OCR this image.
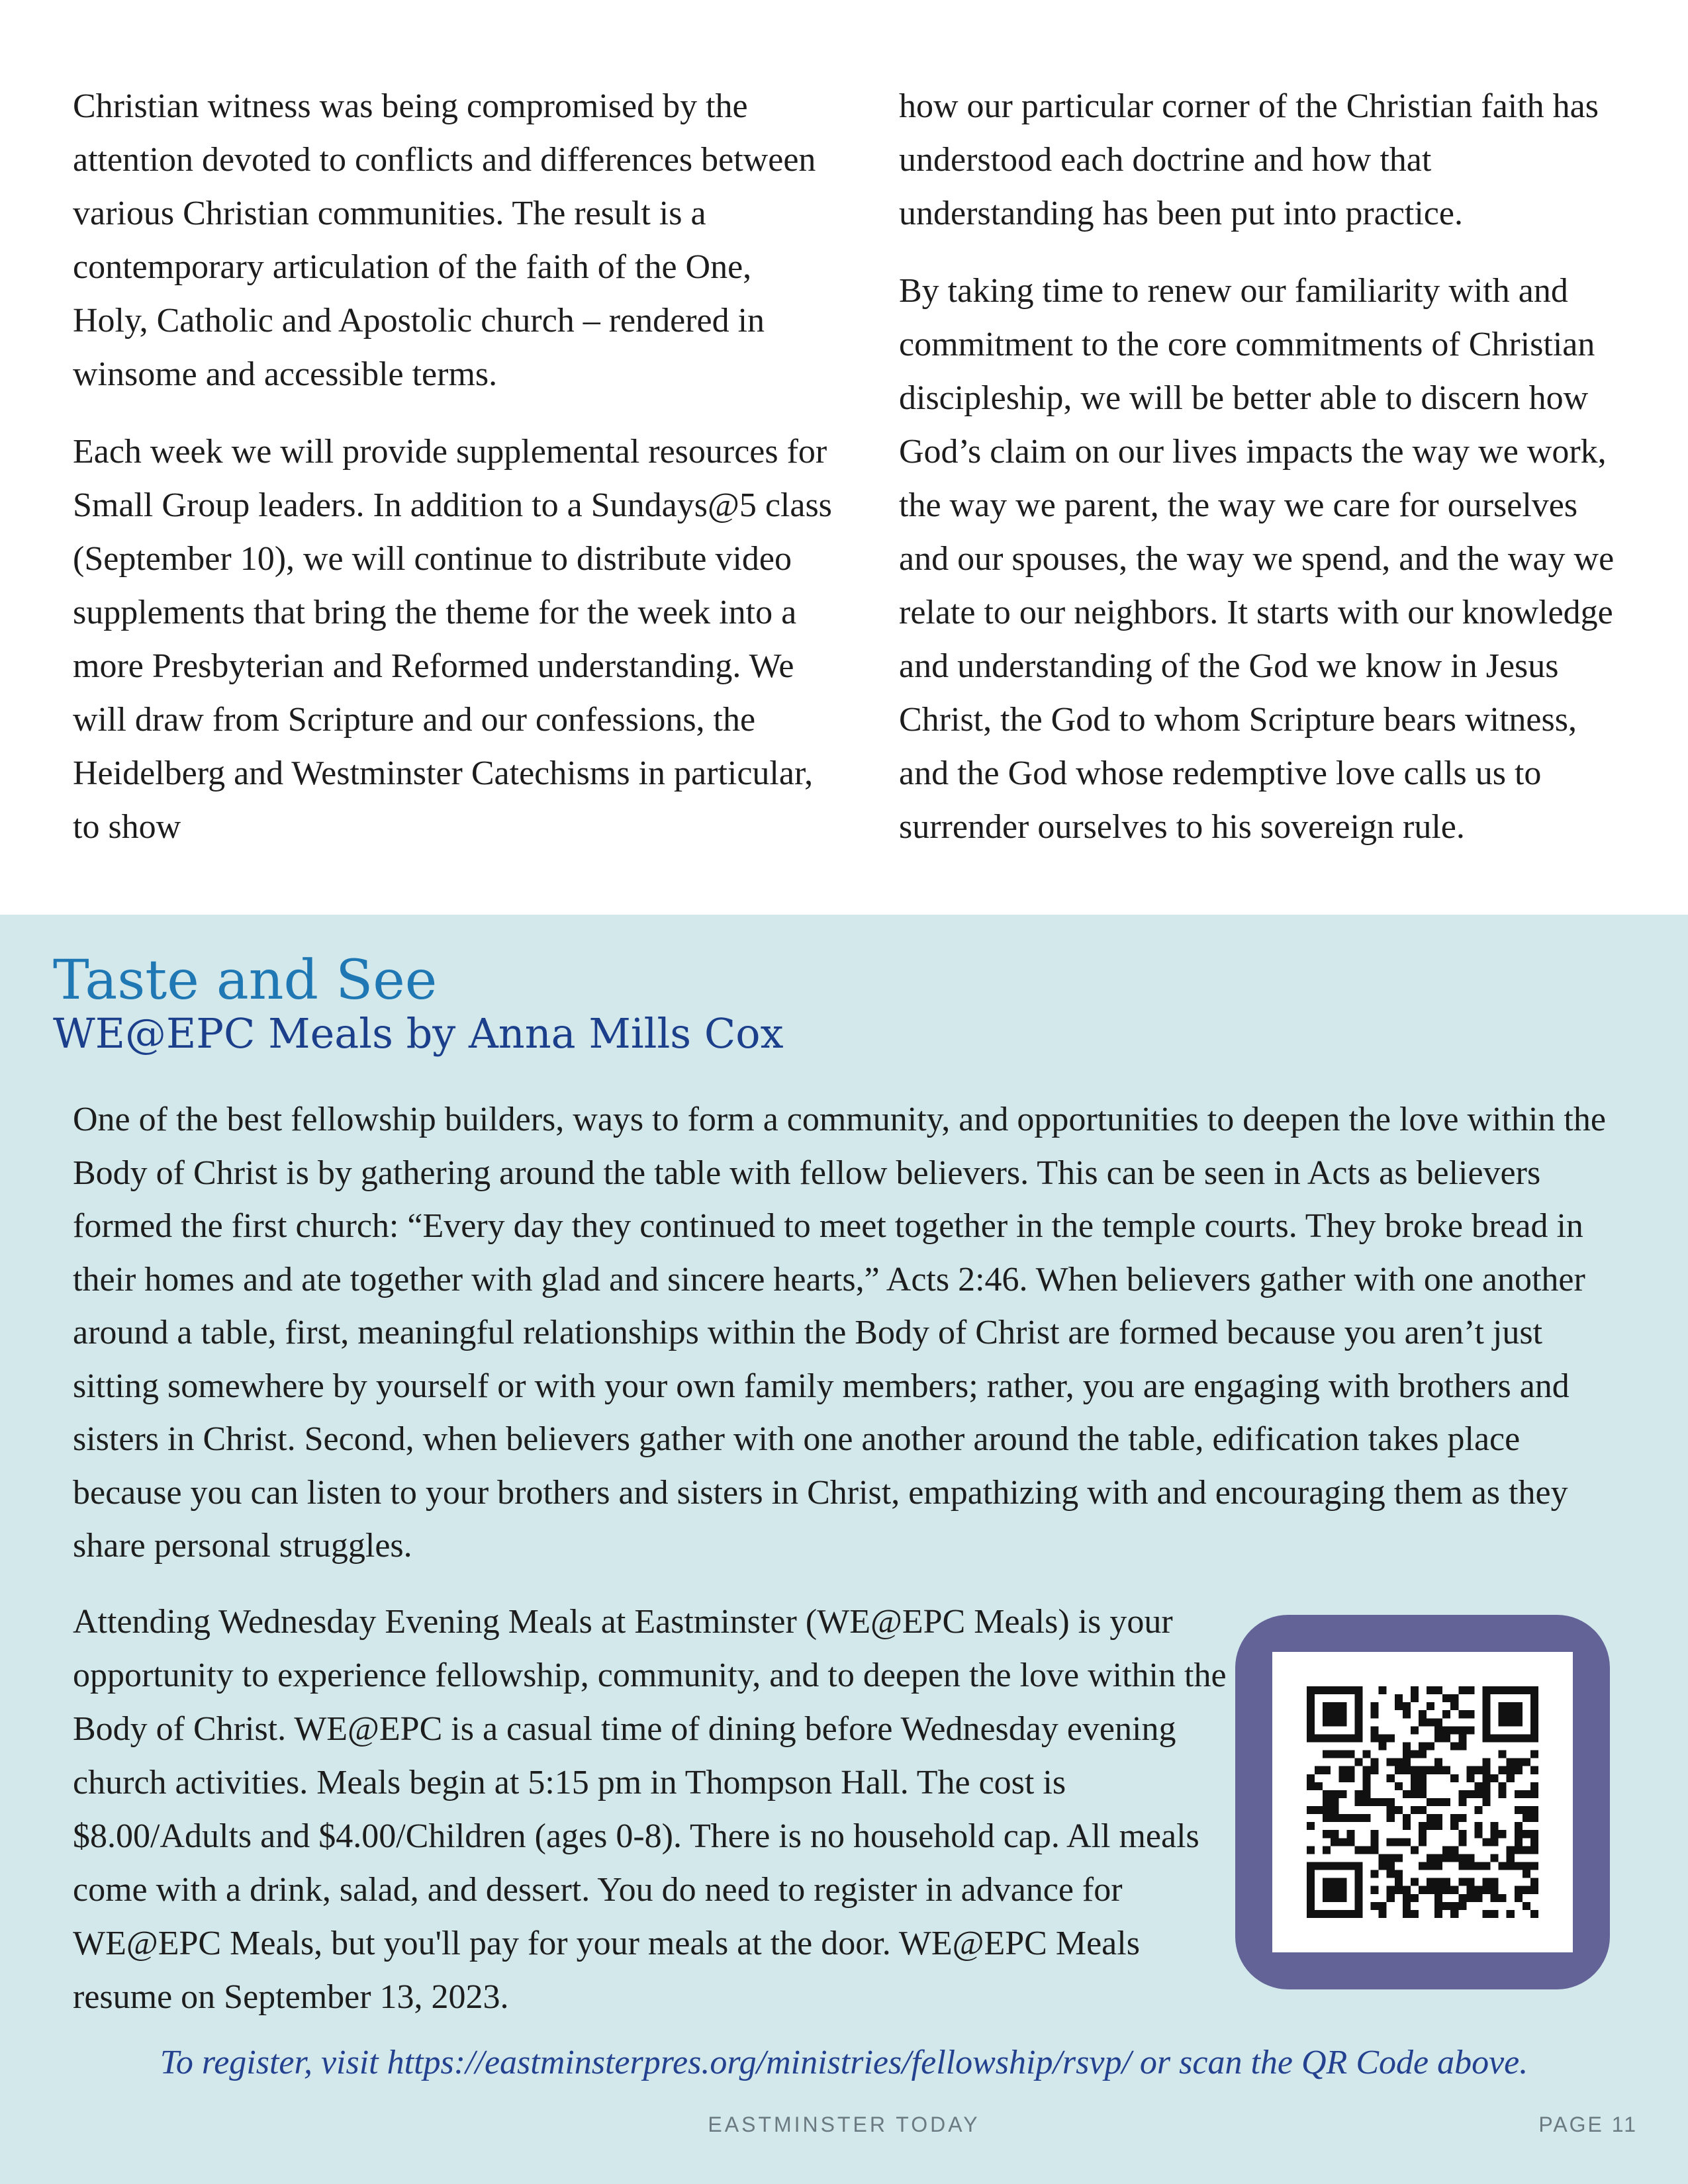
Christian witness was being compromised by the attention devoted to conflicts and differences between various Christian communities. The result is a contemporary articulation of the faith of the One, Holy, Catholic and Apostolic church – rendered in winsome and accessible terms.

Each week we will provide supplemental resources for Small Group leaders. In addition to a Sundays@5 class (September 10), we will continue to distribute video supplements that bring the theme for the week into a more Presbyterian and Reformed understanding. We will draw from Scripture and our confessions, the Heidelberg and Westminster Catechisms in particular, to show

how our particular corner of the Christian faith has understood each doctrine and how that understanding has been put into practice.

By taking time to renew our familiarity with and commitment to the core commitments of Christian discipleship, we will be better able to discern how God’s claim on our lives impacts the way we work, the way we parent, the way we care for ourselves and our spouses, the way we spend, and the way we relate to our neighbors. It starts with our knowledge and understanding of the God we know in Jesus Christ, the God to whom Scripture bears witness, and the God whose redemptive love calls us to surrender ourselves to his sovereign rule.

Taste and See
WE@EPC Meals by Anna Mills Cox

One of the best fellowship builders, ways to form a community, and opportunities to deepen the love within the Body of Christ is by gathering around the table with fellow believers. This can be seen in Acts as believers formed the first church: “Every day they continued to meet together in the temple courts. They broke bread in their homes and ate together with glad and sincere hearts,” Acts 2:46. When believers gather with one another around a table, first, meaningful relationships within the Body of Christ are formed because you aren’t just sitting somewhere by yourself or with your own family members; rather, you are engaging with brothers and sisters in Christ. Second, when believers gather with one another around the table, edification takes place because you can listen to your brothers and sisters in Christ, empathizing with and encouraging them as they share personal struggles.

Attending Wednesday Evening Meals at Eastminster (WE@EPC Meals) is your opportunity to experience fellowship, community, and to deepen the love within the Body of Christ. WE@EPC is a casual time of dining before Wednesday evening church activities. Meals begin at 5:15 pm in Thompson Hall. The cost is $8.00/Adults and $4.00/Children (ages 0-8). There is no household cap. All meals come with a drink, salad, and dessert. You do need to register in advance for WE@EPC Meals, but you'll pay for your meals at the door. WE@EPC Meals resume on September 13, 2023.

To register, visit https://eastminsterpres.org/ministries/fellowship/rsvp/ or scan the QR Code above.

EASTMINSTER TODAY	PAGE 11
